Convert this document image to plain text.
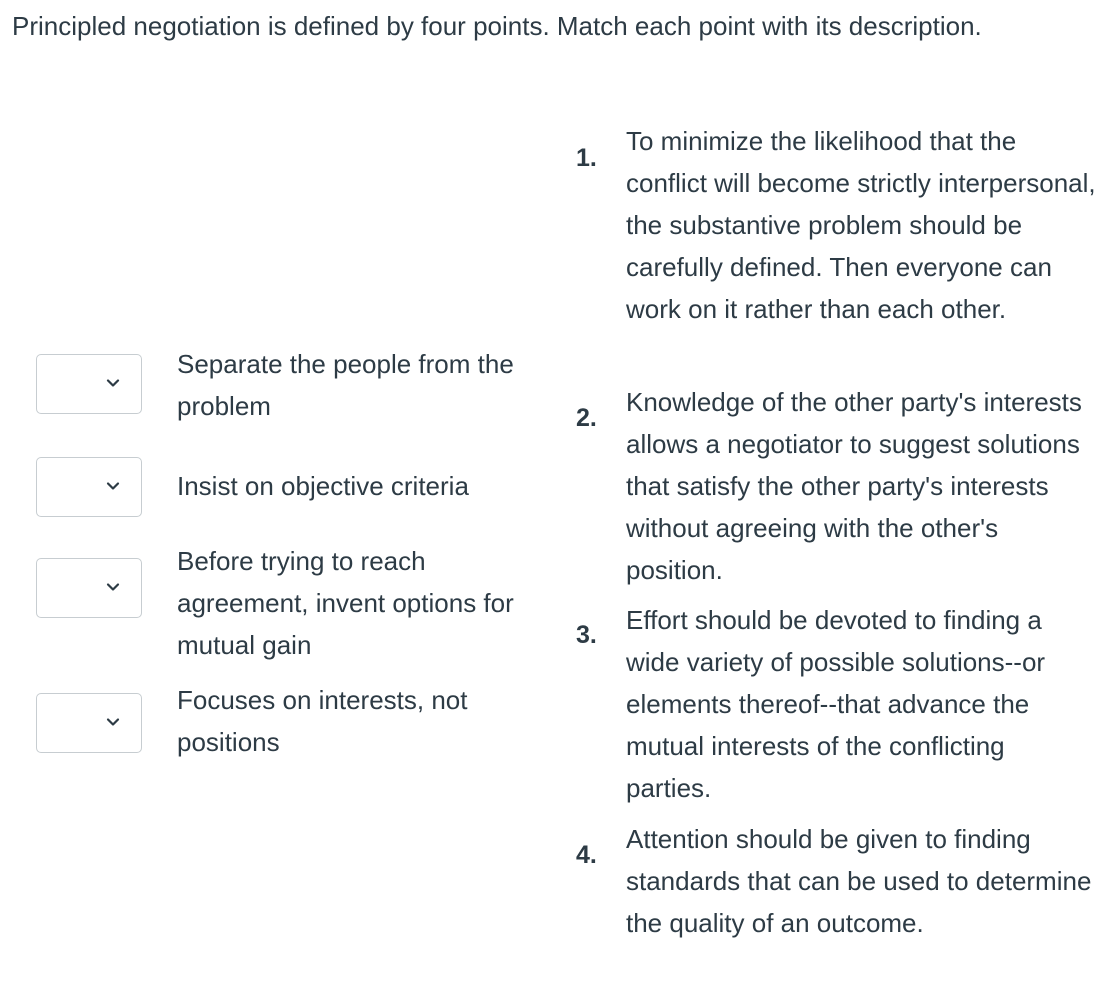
Principled negotiation is defined by four points. Match each point with its description.

Separate the people from the problem

Insist on objective criteria

Before trying to reach agreement, invent options for mutual gain

Focuses on interests, not positions

1.

To minimize the likelihood that the conflict will become strictly interpersonal, the substantive problem should be carefully defined. Then everyone can work on it rather than each other.

2.

Knowledge of the other party's interests allows a negotiator to suggest solutions that satisfy the other party's interests without agreeing with the other's position.

3. Effort should be devoted to finding a wide variety of possible solutions--or elements thereof--that advance the mutual interests of the conflicting parties.

4.

Attention should be given to finding standards that can be used to determine the quality of an outcome.
